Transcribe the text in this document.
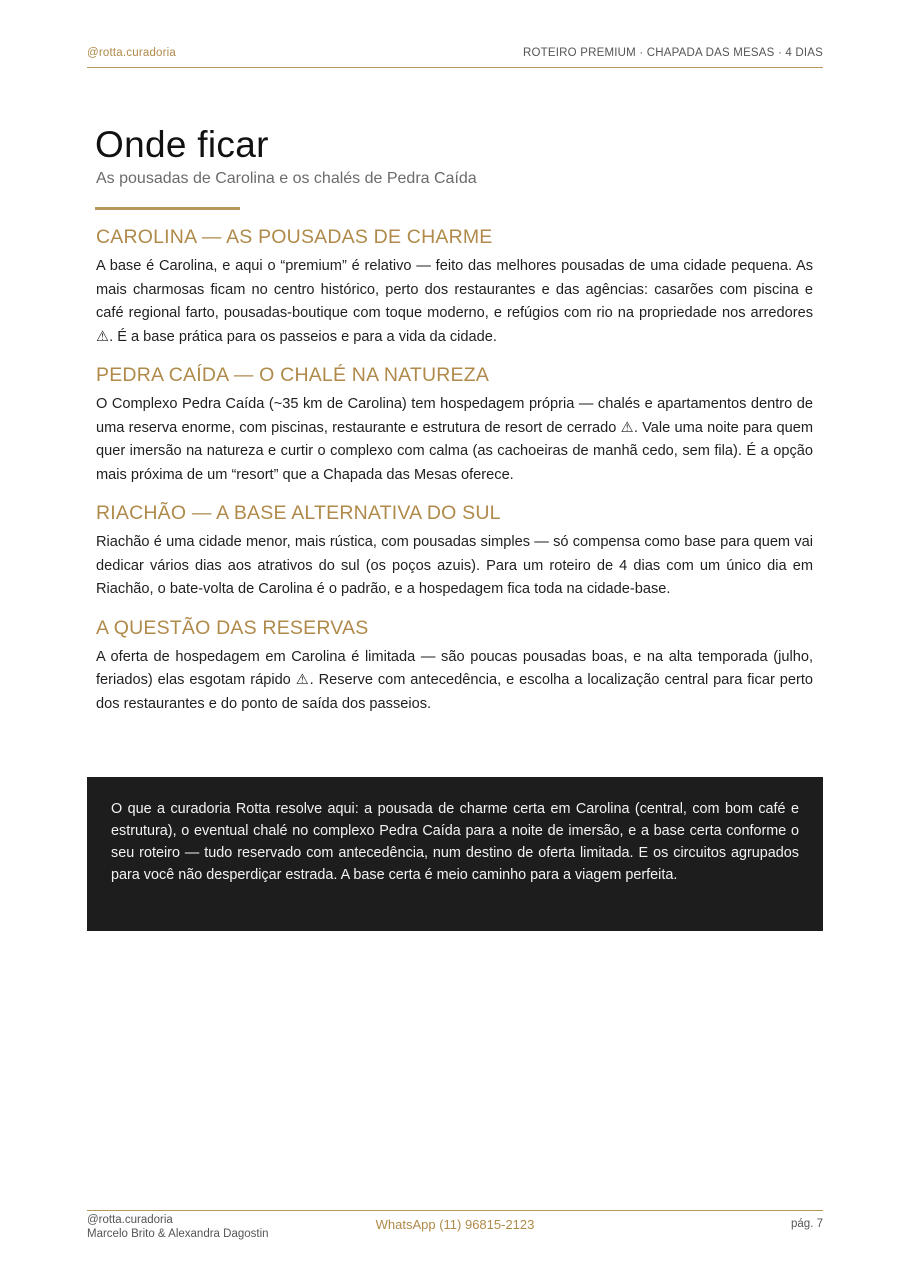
@rotta.curadoria	ROTEIRO PREMIUM · CHAPADA DAS MESAS · 4 DIAS
Onde ficar
As pousadas de Carolina e os chalés de Pedra Caída
CAROLINA — AS POUSADAS DE CHARME

A base é Carolina, e aqui o “premium” é relativo — feito das melhores pousadas de uma cidade pequena. As mais charmosas ficam no centro histórico, perto dos restaurantes e das agências: casarões com piscina e café regional farto, pousadas-boutique com toque moderno, e refúgios com rio na propriedade nos arredores ⚠. É a base prática para os passeios e para a vida da cidade.

PEDRA CAÍDA — O CHALÉ NA NATUREZA

O Complexo Pedra Caída (~35 km de Carolina) tem hospedagem própria — chalés e apartamentos dentro de uma reserva enorme, com piscinas, restaurante e estrutura de resort de cerrado ⚠. Vale uma noite para quem quer imersão na natureza e curtir o complexo com calma (as cachoeiras de manhã cedo, sem fila). É a opção mais próxima de um “resort” que a Chapada das Mesas oferece.

RIACHÃO — A BASE ALTERNATIVA DO SUL

Riachão é uma cidade menor, mais rústica, com pousadas simples — só compensa como base para quem vai dedicar vários dias aos atrativos do sul (os poços azuis). Para um roteiro de 4 dias com um único dia em Riachão, o bate-volta de Carolina é o padrão, e a hospedagem fica toda na cidade-base.

A QUESTÃO DAS RESERVAS

A oferta de hospedagem em Carolina é limitada — são poucas pousadas boas, e na alta temporada (julho, feriados) elas esgotam rápido ⚠. Reserve com antecedência, e escolha a localização central para ficar perto dos restaurantes e do ponto de saída dos passeios.

O que a curadoria Rotta resolve aqui: a pousada de charme certa em Carolina (central, com bom café e estrutura), o eventual chalé no complexo Pedra Caída para a noite de imersão, e a base certa conforme o seu roteiro — tudo reservado com antecedência, num destino de oferta limitada. E os circuitos agrupados para você não desperdiçar estrada. A base certa é meio caminho para a viagem perfeita.

@rotta.curadoria
Marcelo Brito & Alexandra Dagostin
WhatsApp (11) 96815-2123	pág. 7
